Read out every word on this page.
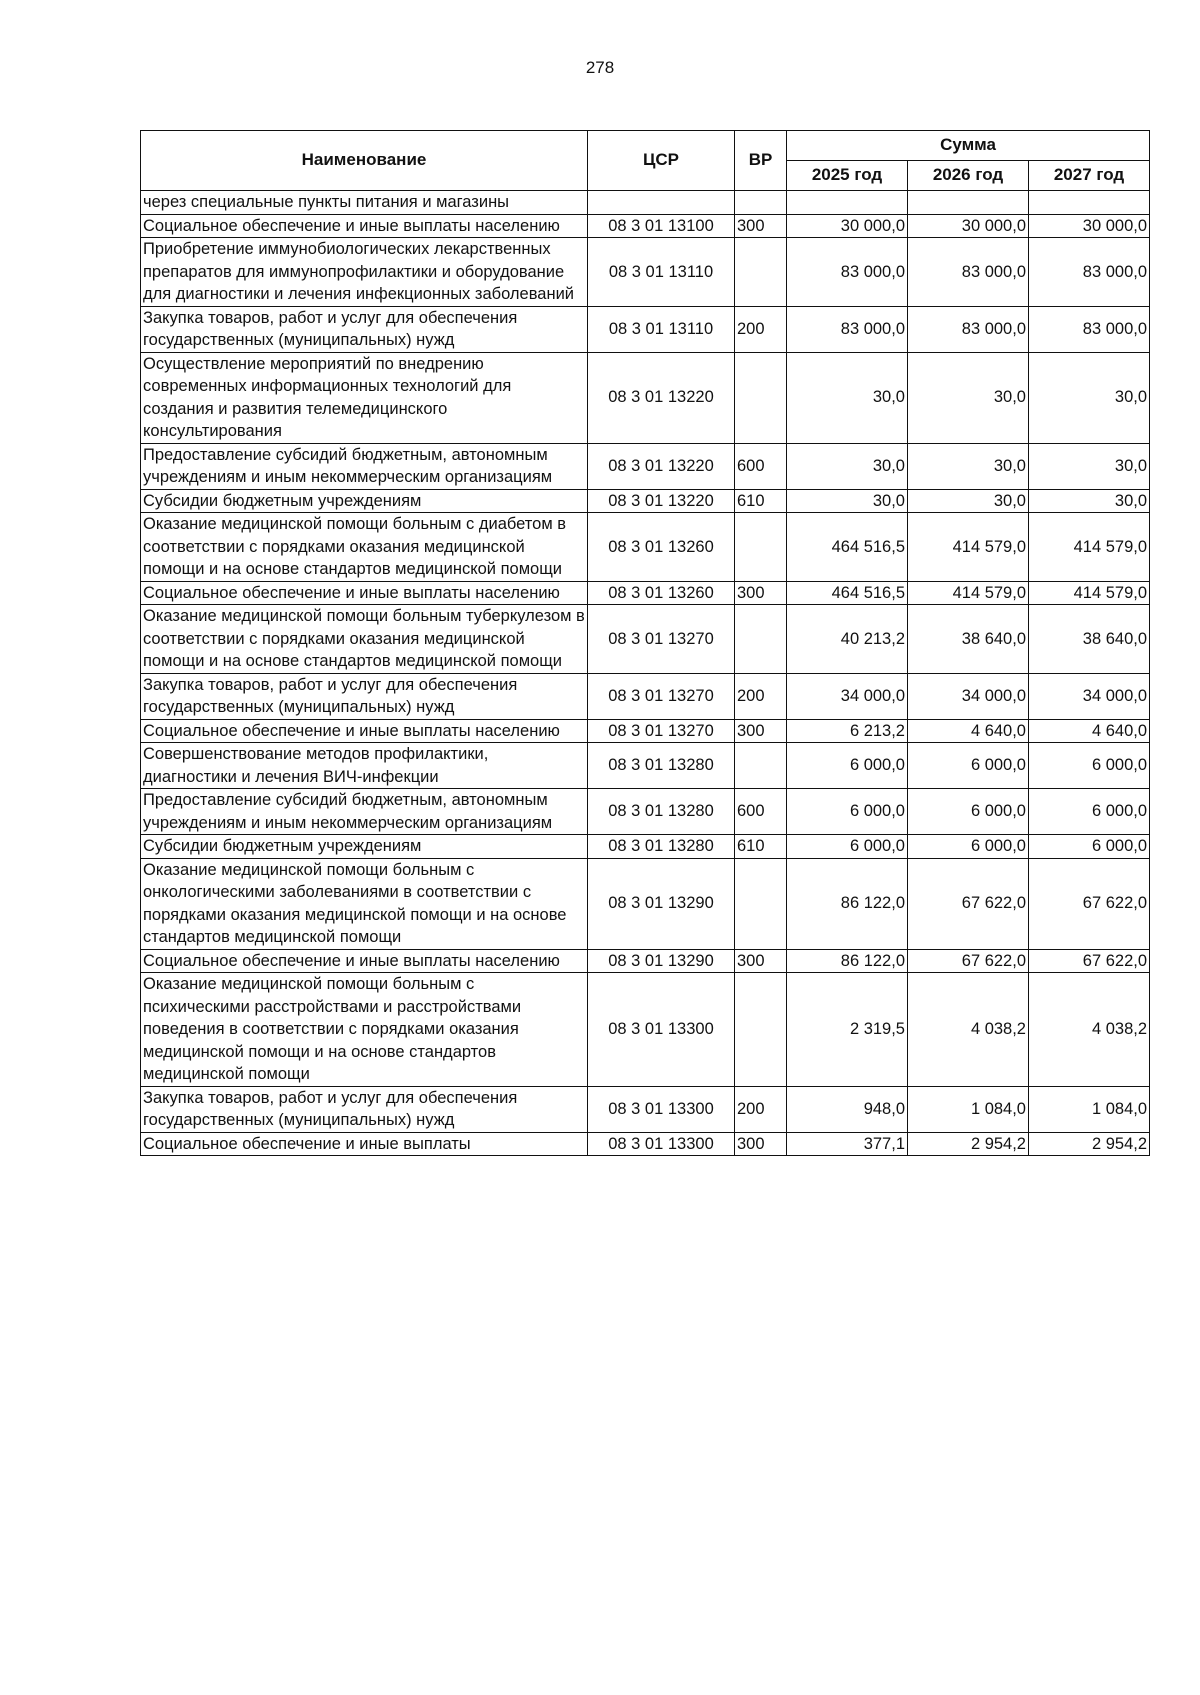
278
Наименование	ЦСР	ВР	Сумма		
			2025 год	2026 год	2027 год
через специальные пункты питания и магазины					
Социальное обеспечение и иные выплаты населению	08 3 01 13100	300	30 000,0	30 000,0	30 000,0
Приобретение иммунобиологических лекарственных препаратов для иммунопрофилактики и оборудование для диагностики и лечения инфекционных заболеваний	08 3 01 13110		83 000,0	83 000,0	83 000,0
Закупка товаров, работ и услуг для обеспечения государственных (муниципальных) нужд	08 3 01 13110	200	83 000,0	83 000,0	83 000,0
Осуществление мероприятий по внедрению современных информационных технологий для создания и развития телемедицинского консультирования	08 3 01 13220		30,0	30,0	30,0
Предоставление субсидий бюджетным, автономным учреждениям и иным некоммерческим организациям	08 3 01 13220	600	30,0	30,0	30,0
Субсидии бюджетным учреждениям	08 3 01 13220	610	30,0	30,0	30,0
Оказание медицинской помощи больным с диабетом в соответствии с порядками оказания медицинской помощи и на основе стандартов медицинской помощи	08 3 01 13260		464 516,5	414 579,0	414 579,0
Социальное обеспечение и иные выплаты населению	08 3 01 13260	300	464 516,5	414 579,0	414 579,0
Оказание медицинской помощи больным туберкулезом в соответствии с порядками оказания медицинской помощи и на основе стандартов медицинской помощи	08 3 01 13270		40 213,2	38 640,0	38 640,0
Закупка товаров, работ и услуг для обеспечения государственных (муниципальных) нужд	08 3 01 13270	200	34 000,0	34 000,0	34 000,0
Социальное обеспечение и иные выплаты населению	08 3 01 13270	300	6 213,2	4 640,0	4 640,0
Совершенствование методов профилактики, диагностики и лечения ВИЧ-инфекции	08 3 01 13280		6 000,0	6 000,0	6 000,0
Предоставление субсидий бюджетным, автономным учреждениям и иным некоммерческим организациям	08 3 01 13280	600	6 000,0	6 000,0	6 000,0
Субсидии бюджетным учреждениям	08 3 01 13280	610	6 000,0	6 000,0	6 000,0
Оказание медицинской помощи больным с онкологическими заболеваниями в соответствии с порядками оказания медицинской помощи и на основе стандартов медицинской помощи	08 3 01 13290		86 122,0	67 622,0	67 622,0
Социальное обеспечение и иные выплаты населению	08 3 01 13290	300	86 122,0	67 622,0	67 622,0
Оказание медицинской помощи больным с психическими расстройствами и расстройствами поведения в соответствии с порядками оказания медицинской помощи и на основе стандартов медицинской помощи	08 3 01 13300		2 319,5	4 038,2	4 038,2
Закупка товаров, работ и услуг для обеспечения государственных (муниципальных) нужд	08 3 01 13300	200	948,0	1 084,0	1 084,0
Социальное обеспечение и иные выплаты	08 3 01 13300	300	377,1	2 954,2	2 954,2
